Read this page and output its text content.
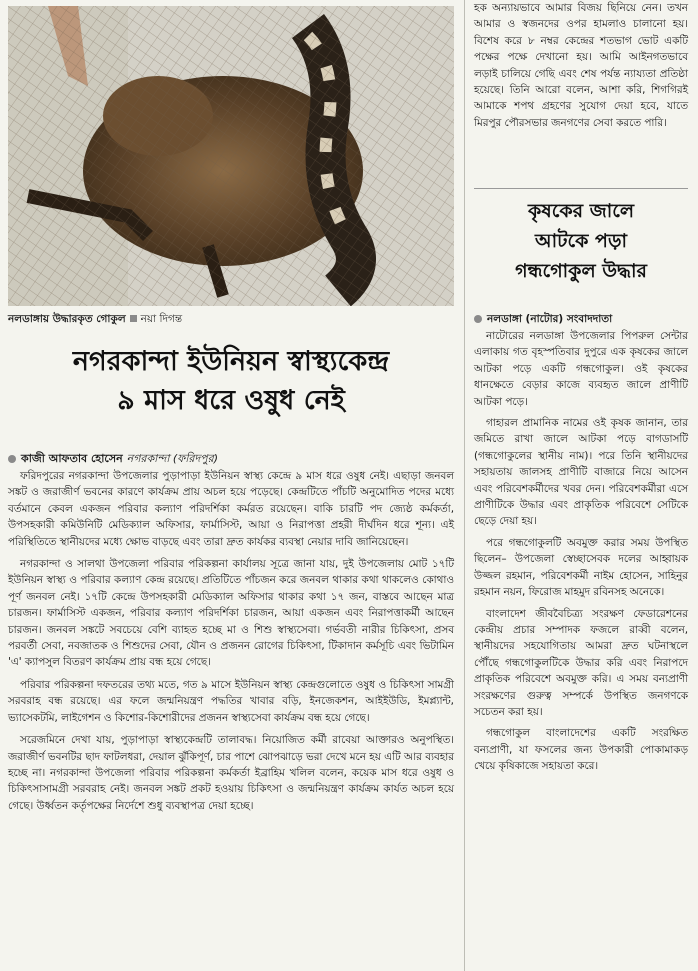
নলডাঙ্গায় উদ্ধারকৃত গোকুল নয়া দিগন্ত
নগরকান্দা ইউনিয়ন স্বাস্থ্যকেন্দ্র
৯ মাস ধরে ওষুধ নেই
কাজী আফতাব হোসেন নগরকান্দা (ফরিদপুর)

ফরিদপুরের নগরকান্দা উপজেলার পুড়াপাড়া ইউনিয়ন স্বাস্থ্য কেন্দ্রে ৯ মাস ধরে ওষুধ নেই। এছাড়া জনবল সঙ্কট ও জরাজীর্ণ ভবনের কারণে কার্যক্রম প্রায় অচল হয়ে পড়েছে। কেন্দ্রটিতে পাঁচটি অনুমোদিত পদের মধ্যে বর্তমানে কেবল একজন পরিবার কল্যাণ পরিদর্শিকা কর্মরত রয়েছেন। বাকি চারটি পদ জ্যেষ্ঠ কর্মকর্তা, উপসহকারী কমিউনিটি মেডিক্যাল অফিসার, ফার্মাসিস্ট, আয়া ও নিরাপত্তা প্রহরী দীর্ঘদিন ধরে শূন্য। এই পরিস্থিতিতে স্থানীয়দের মধ্যে ক্ষোভ বাড়ছে এবং তারা দ্রুত কার্যকর ব্যবস্থা নেয়ার দাবি জানিয়েছেন।

নগরকান্দা ও সালথা উপজেলা পরিবার পরিকল্পনা কার্যালয় সূত্রে জানা যায়, দুই উপজেলায় মোট ১৭টি ইউনিয়ন স্বাস্থ্য ও পরিবার কল্যাণ কেন্দ্র রয়েছে। প্রতিটিতে পাঁচজন করে জনবল থাকার কথা থাকলেও কোথাও পূর্ণ জনবল নেই। ১৭টি কেন্দ্রে উপসহকারী মেডিক্যাল অফিসার থাকার কথা ১৭ জন, বাস্তবে আছেন মাত্র চারজন। ফার্মাসিস্ট একজন, পরিবার কল্যাণ পরিদর্শিকা চারজন, আয়া একজন এবং নিরাপত্তাকর্মী আছেন চারজন। জনবল সঙ্কটে সবচেয়ে বেশি ব্যাহত হচ্ছে মা ও শিশু স্বাস্থ্যসেবা। গর্ভবতী নারীর চিকিৎসা, প্রসব পরবর্তী সেবা, নবজাতক ও শিশুদের সেবা, যৌন ও প্রজনন রোগের চিকিৎসা, টিকাদান কর্মসূচি এবং ভিটামিন 'এ' ক্যাপসুল বিতরণ কার্যক্রম প্রায় বন্ধ হয়ে গেছে।

পরিবার পরিকল্পনা দফতরের তথ্য মতে, গত ৯ মাসে ইউনিয়ন স্বাস্থ্য কেন্দ্রগুলোতে ওষুধ ও চিকিৎসা সামগ্রী সরবরাহ বন্ধ রয়েছে। এর ফলে জন্মনিয়ন্ত্রণ পদ্ধতির খাবার বড়ি, ইনজেকশন, আইইউডি, ইমপ্ল্যান্ট, ভ্যাসেকটমি, লাইগেশন ও কিশোর-কিশোরীদের প্রজনন স্বাস্থ্যসেবা কার্যক্রম বন্ধ হয়ে গেছে।

সরেজমিনে দেখা যায়, পুড়াপাড়া স্বাস্থ্যকেন্দ্রটি তালাবদ্ধ। নিয়োজিত কর্মী রাবেয়া আক্তারও অনুপস্থিত। জরাজীর্ণ ভবনটির ছাদ ফাটলধরা, দেয়াল ঝুঁকিপূর্ণ, চার পাশে ঝোপঝাড়ে ভরা দেখে মনে হয় এটি আর ব্যবহার হচ্ছে না। নগরকান্দা উপজেলা পরিবার পরিকল্পনা কর্মকর্তা ইব্রাহিম খলিল বলেন, কয়েক মাস ধরে ওষুধ ও চিকিৎসাসামগ্রী সরবরাহ নেই। জনবল সঙ্কট প্রকট হওয়ায় চিকিৎসা ও জন্মনিয়ন্ত্রণ কার্যক্রম কার্যত অচল হয়ে গেছে। উর্ধ্বতন কর্তৃপক্ষের নির্দেশে শুধু ব্যবস্থাপত্র দেয়া হচ্ছে।

হক অন্যায়ভাবে আমার বিজয় ছিনিয়ে নেন। তখন আমার ও স্বজনদের ওপর হামলাও চালানো হয়। বিশেষ করে ৮ নম্বর কেন্দ্রের শতভাগ ভোট একটি পক্ষের পক্ষে দেখানো হয়। আমি আইনগতভাবে লড়াই চালিয়ে গেছি এবং শেষ পর্যন্ত ন্যায্যতা প্রতিষ্ঠা হয়েছে। তিনি আরো বলেন, আশা করি, শিগগিরই আমাকে শপথ গ্রহণের সুযোগ দেয়া হবে, যাতে মিরপুর পৌরসভার জনগণের সেবা করতে পারি।

কৃষকের জালে
আটকে পড়া
গন্ধগোকুল উদ্ধার
নলডাঙ্গা (নাটোর) সংবাদদাতা

নাটোরের নলডাঙ্গা উপজেলার পিপরুল সেন্টার এলাকায় গত বৃহস্পতিবার দুপুরে এক কৃষকের জালে আটকা পড়ে একটি গন্ধগোকুল। ওই কৃষকের ধানক্ষেতে বেড়ার কাজে ব্যবহৃত জালে প্রাণীটি আটকা পড়ে।

গাহারল প্রামানিক নামের ওই কৃষক জানান, তার জমিতে রাখা জালে আটকা পড়ে বাগডাসটি (গন্ধগোকুলের স্থানীয় নাম)। পরে তিনি স্থানীয়দের সহায়তায় জালসহ প্রাণীটি বাজারে নিয়ে আসেন এবং পরিবেশকর্মীদের খবর দেন। পরিবেশকর্মীরা এসে প্রাণীটিকে উদ্ধার এবং প্রাকৃতিক পরিবেশে সেটিকে ছেড়ে দেয়া হয়।

পরে গন্ধগোকুলটি অবমুক্ত করার সময় উপস্থিত ছিলেন– উপজেলা স্বেচ্ছাসেবক দলের আহ্বায়ক উজ্জল রহমান, পরিবেশকর্মী নাইম হোসেন, সাহিনুর রহমান নয়ন, ফিরোজ মাহমুদ রবিনসহ অনেকে।

বাংলাদেশ জীববৈচিত্র্য সংরক্ষণ ফেডারেশনের কেন্দ্রীয় প্রচার সম্পাদক ফজলে রাব্বী বলেন, স্থানীয়দের সহযোগিতায় আমরা দ্রুত ঘটনাস্থলে পৌঁছে গন্ধগোকুলটিকে উদ্ধার করি এবং নিরাপদে প্রাকৃতিক পরিবেশে অবমুক্ত করি। এ সময় বন্যপ্রাণী সংরক্ষণের গুরুত্ব সম্পর্কে উপস্থিত জনগণকে সচেতন করা হয়।

গন্ধগোকুল বাংলাদেশের একটি সংরক্ষিত বন্যপ্রাণী, যা ফসলের জন্য উপকারী পোকামাকড় খেয়ে কৃষিকাজে সহায়তা করে।
